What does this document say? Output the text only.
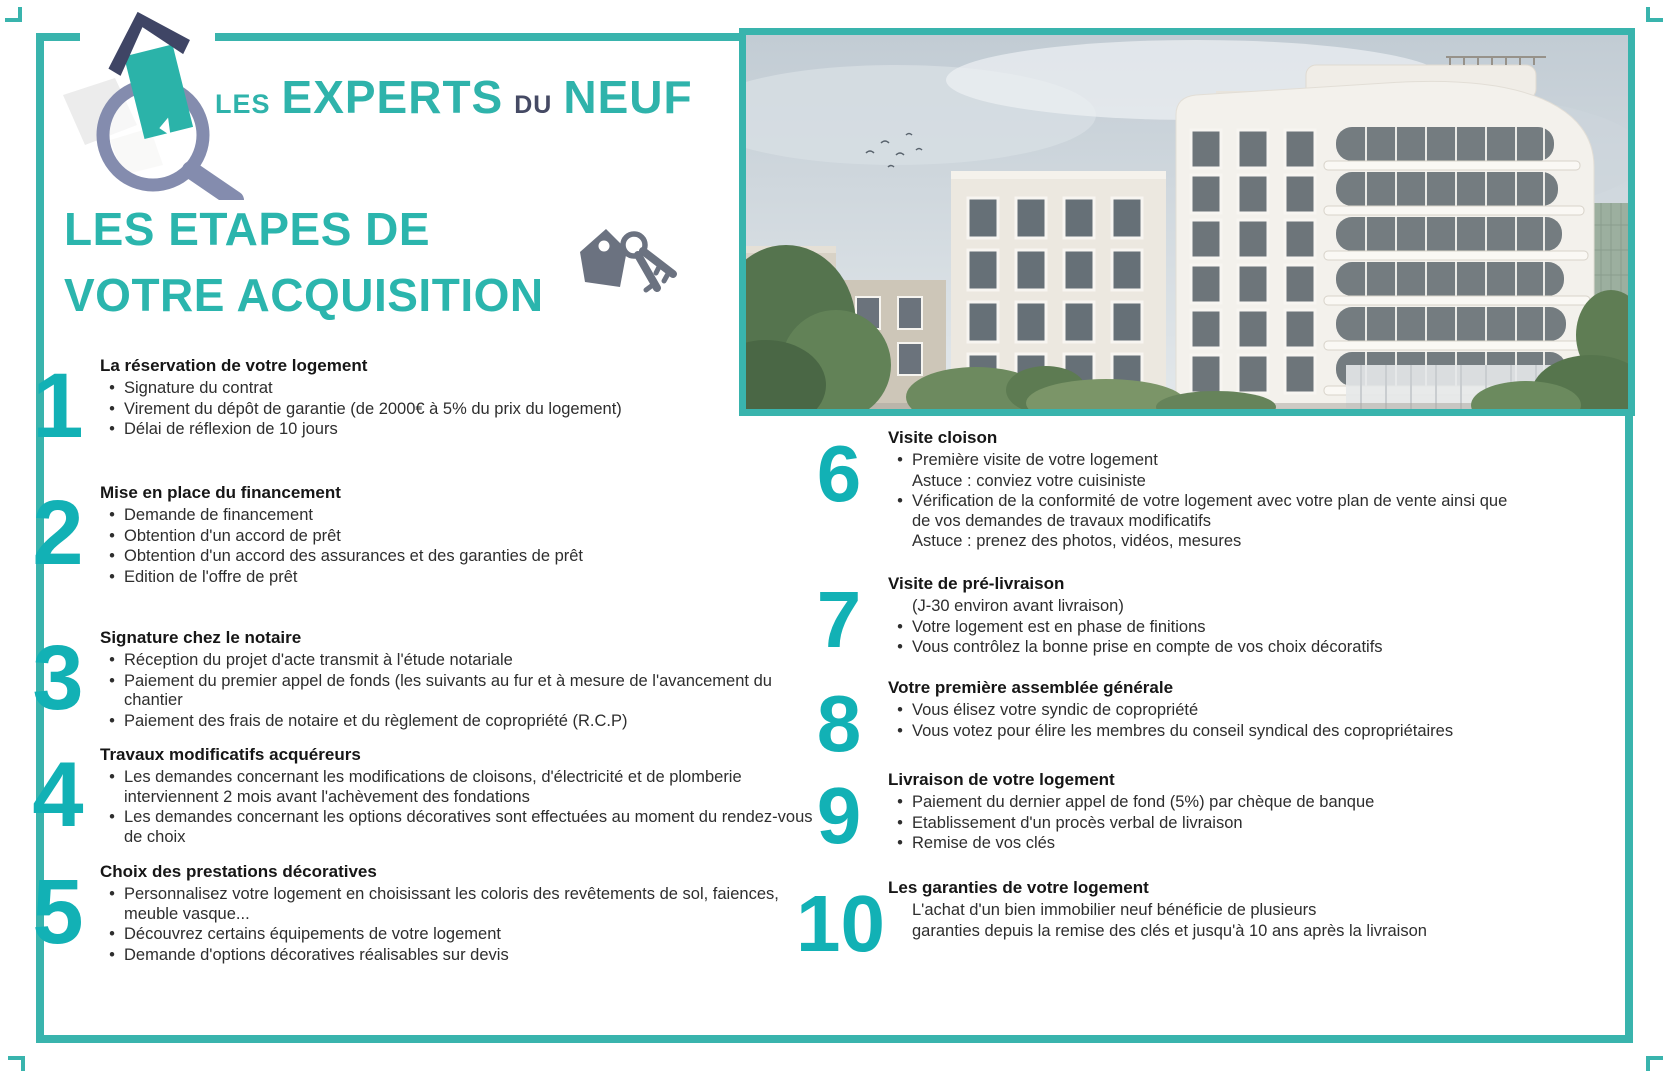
LES EXPERTS DU NEUF
LES ETAPES DE
VOTRE ACQUISITION
1 La réservation de votre logement
• Signature du contrat
• Virement du dépôt de garantie (de 2000€ à 5% du prix du logement)
• Délai de réflexion de 10 jours
2 Mise en place du financement
• Demande de financement
• Obtention d'un accord de prêt
• Obtention d'un accord des assurances et des garanties de prêt
• Edition de l'offre de prêt
3 Signature chez le notaire
• Réception du projet d'acte transmit à l'étude notariale
• Paiement du premier appel de fonds (les suivants au fur et à mesure de l'avancement du chantier
• Paiement des frais de notaire et du règlement de copropriété (R.C.P)
4 Travaux modificatifs acquéreurs
• Les demandes concernant les modifications de cloisons, d'électricité et de plomberie interviennent 2 mois avant l'achèvement des fondations
• Les demandes concernant les options décoratives sont effectuées au moment du rendez-vous de choix
5 Choix des prestations décoratives
• Personnalisez votre logement en choisissant les coloris des revêtements de sol, faiences, meuble vasque...
• Découvrez certains équipements de votre logement
• Demande d'options décoratives réalisables sur devis
6	Visite cloison
• Première visite de votre logement
Astuce : conviez votre cuisiniste
• Vérification de la conformité de votre logement avec votre plan de vente ainsi que de vos demandes de travaux modificatifs
Astuce : prenez des photos, vidéos, mesures
7	Visite de pré-livraison
(J-30 environ avant livraison)
• Votre logement est en phase de finitions
• Vous contrôlez la bonne prise en compte de vos choix décoratifs
8	Votre première assemblée générale
• Vous élisez votre syndic de copropriété
• Vous votez pour élire les membres du conseil syndical des copropriétaires
9	Livraison de votre logement
• Paiement du dernier appel de fond (5%) par chèque de banque
• Etablissement d'un procès verbal de livraison
• Remise de vos clés
10 Les garanties de votre logement
L'achat d'un bien immobilier neuf bénéficie de plusieurs
garanties depuis la remise des clés et jusqu'à 10 ans après la livraison
